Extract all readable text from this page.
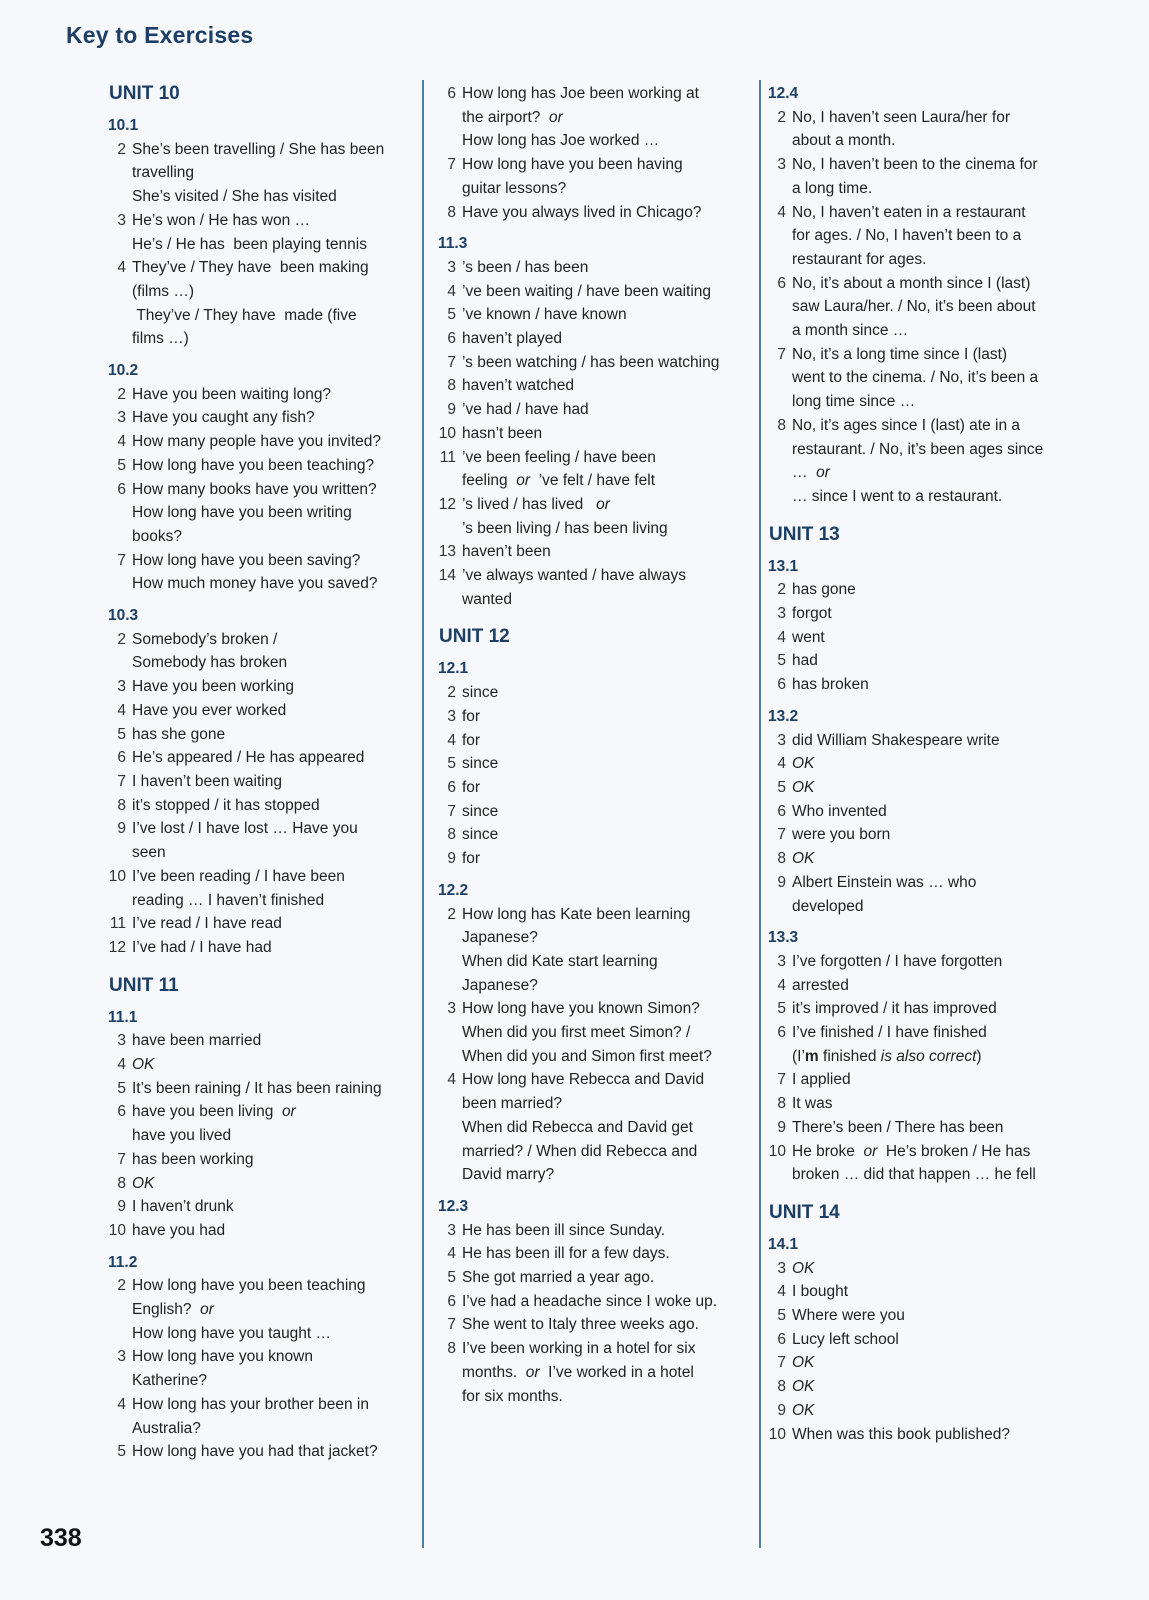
Key to Exercises
UNIT 10
10.1
2 She’s been travelling / She has been
travelling
She’s visited / She has visited
3 He’s won / He has won …
He’s / He has  been playing tennis
4 They’ve / They have  been making
(films …)
They’ve / They have  made (five
films …)
10.2
2 Have you been waiting long?
3 Have you caught any fish?
4 How many people have you invited?
5 How long have you been teaching?
6 How many books have you written?
How long have you been writing
books?
7 How long have you been saving?
How much money have you saved?
10.3
2 Somebody’s broken /
Somebody has broken
3 Have you been working
4 Have you ever worked
5 has she gone
6 He’s appeared / He has appeared
7 I haven’t been waiting
8 it’s stopped / it has stopped
9 I’ve lost / I have lost … Have you
seen
10 I’ve been reading / I have been
reading … I haven’t finished
11 I’ve read / I have read
12 I’ve had / I have had
UNIT 11
11.1
3 have been married
4 OK
5 It’s been raining / It has been raining
6 have you been living  or
have you lived
7 has been working
8 OK
9 I haven’t drunk
10 have you had
11.2
2 How long have you been teaching
English?  or
How long have you taught …
3 How long have you known
Katherine?
4 How long has your brother been in
Australia?
5 How long have you had that jacket?
6 How long has Joe been working at
the airport?  or
How long has Joe worked …
7 How long have you been having
guitar lessons?
8 Have you always lived in Chicago?
11.3
3 ’s been / has been
4 ’ve been waiting / have been waiting
5 ’ve known / have known
6 haven’t played
7 ’s been watching / has been watching
8 haven’t watched
9 ’ve had / have had
10 hasn’t been
11 ’ve been feeling / have been
feeling  or  ’ve felt / have felt
12 ’s lived / has lived   or
’s been living / has been living
13 haven’t been
14 ’ve always wanted / have always
wanted
UNIT 12
12.1
2 since
3 for
4 for
5 since
6 for
7 since
8 since
9 for
12.2
2 How long has Kate been learning
Japanese?
When did Kate start learning
Japanese?
3 How long have you known Simon?
When did you first meet Simon? /
When did you and Simon first meet?
4 How long have Rebecca and David
been married?
When did Rebecca and David get
married? / When did Rebecca and
David marry?
12.3
3 He has been ill since Sunday.
4 He has been ill for a few days.
5 She got married a year ago.
6 I’ve had a headache since I woke up.
7 She went to Italy three weeks ago.
8 I’ve been working in a hotel for six
months.  or  I’ve worked in a hotel
for six months.
12.4
2 No, I haven’t seen Laura/her for
about a month.
3 No, I haven’t been to the cinema for
a long time.
4 No, I haven’t eaten in a restaurant
for ages. / No, I haven’t been to a
restaurant for ages.
6 No, it’s about a month since I (last)
saw Laura/her. / No, it’s been about
a month since …
7 No, it’s a long time since I (last)
went to the cinema. / No, it’s been a
long time since …
8 No, it’s ages since I (last) ate in a
restaurant. / No, it’s been ages since
…  or
… since I went to a restaurant.
UNIT 13
13.1
2 has gone
3 forgot
4 went
5 had
6 has broken
13.2
3 did William Shakespeare write
4 OK
5 OK
6 Who invented
7 were you born
8 OK
9 Albert Einstein was … who
developed
13.3
3 I’ve forgotten / I have forgotten
4 arrested
5 it’s improved / it has improved
6 I’ve finished / I have finished
(I’m finished is also correct)
7 I applied
8 It was
9 There’s been / There has been
10 He broke  or  He’s broken / He has
broken … did that happen … he fell
UNIT 14
14.1
3 OK
4 I bought
5 Where were you
6 Lucy left school
7 OK
8 OK
9 OK
10 When was this book published?
338
